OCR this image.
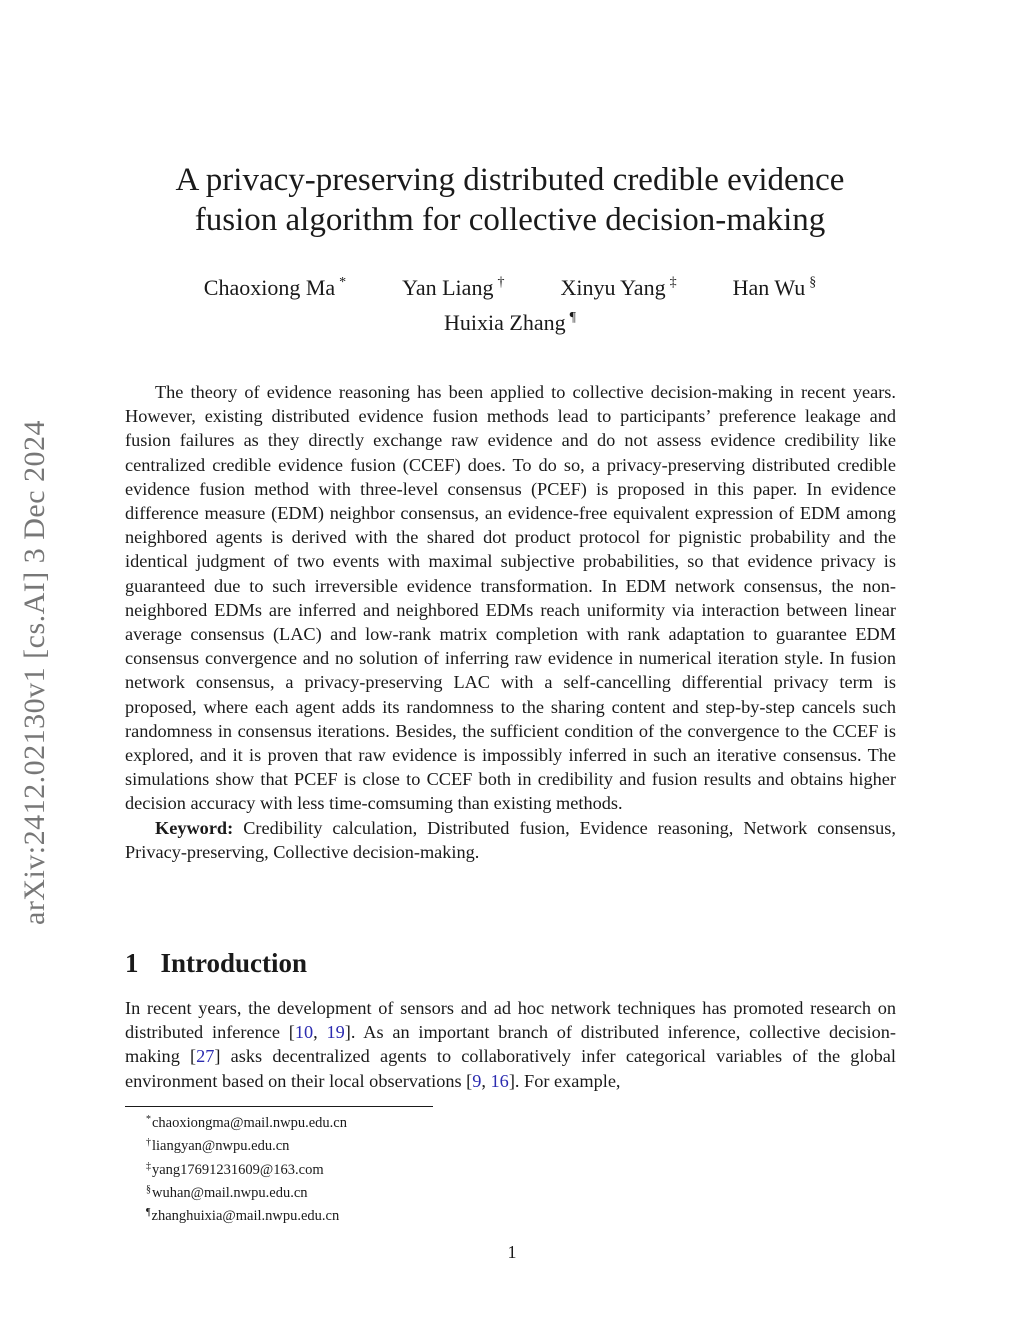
arXiv:2412.02130v1 [cs.AI] 3 Dec 2024
A privacy-preserving distributed credible evidence
fusion algorithm for collective decision-making
Chaoxiong Ma *	Yan Liang †	Xinyu Yang ‡	Han Wu §
Huixia Zhang ¶

The theory of evidence reasoning has been applied to collective decision-making in recent years. However, existing distributed evidence fusion methods lead to participants’ preference leakage and fusion failures as they directly exchange raw evidence and do not assess evidence credibility like centralized credible evidence fusion (CCEF) does. To do so, a privacy-preserving distributed credible evidence fusion method with three-level consensus (PCEF) is proposed in this paper. In evidence difference measure (EDM) neighbor consensus, an evidence-free equivalent expression of EDM among neighbored agents is derived with the shared dot product protocol for pignistic probability and the identical judgment of two events with maximal subjective probabilities, so that evidence privacy is guaranteed due to such irreversible evidence transformation. In EDM network consensus, the non-neighbored EDMs are inferred and neighbored EDMs reach uniformity via interaction between linear average consensus (LAC) and low-rank matrix completion with rank adaptation to guarantee EDM consensus convergence and no solution of inferring raw evidence in numerical iteration style. In fusion network consensus, a privacy-preserving LAC with a self-cancelling differential privacy term is proposed, where each agent adds its randomness to the sharing content and step-by-step cancels such randomness in consensus iterations. Besides, the sufficient condition of the convergence to the CCEF is explored, and it is proven that raw evidence is impossibly inferred in such an iterative consensus. The simulations show that PCEF is close to CCEF both in credibility and fusion results and obtains higher decision accuracy with less time-comsuming than existing methods.

Keyword: Credibility calculation, Distributed fusion, Evidence reasoning, Network consensus, Privacy-preserving, Collective decision-making.

1 Introduction

In recent years, the development of sensors and ad hoc network techniques has promoted research on distributed inference [10, 19]. As an important branch of distributed inference, collective decision-making [27] asks decentralized agents to collaboratively infer categorical variables of the global environment based on their local observations [9, 16]. For example,

*chaoxiongma@mail.nwpu.edu.cn
†liangyan@nwpu.edu.cn
‡yang17691231609@163.com
§wuhan@mail.nwpu.edu.cn
¶zhanghuixia@mail.nwpu.edu.cn
1
